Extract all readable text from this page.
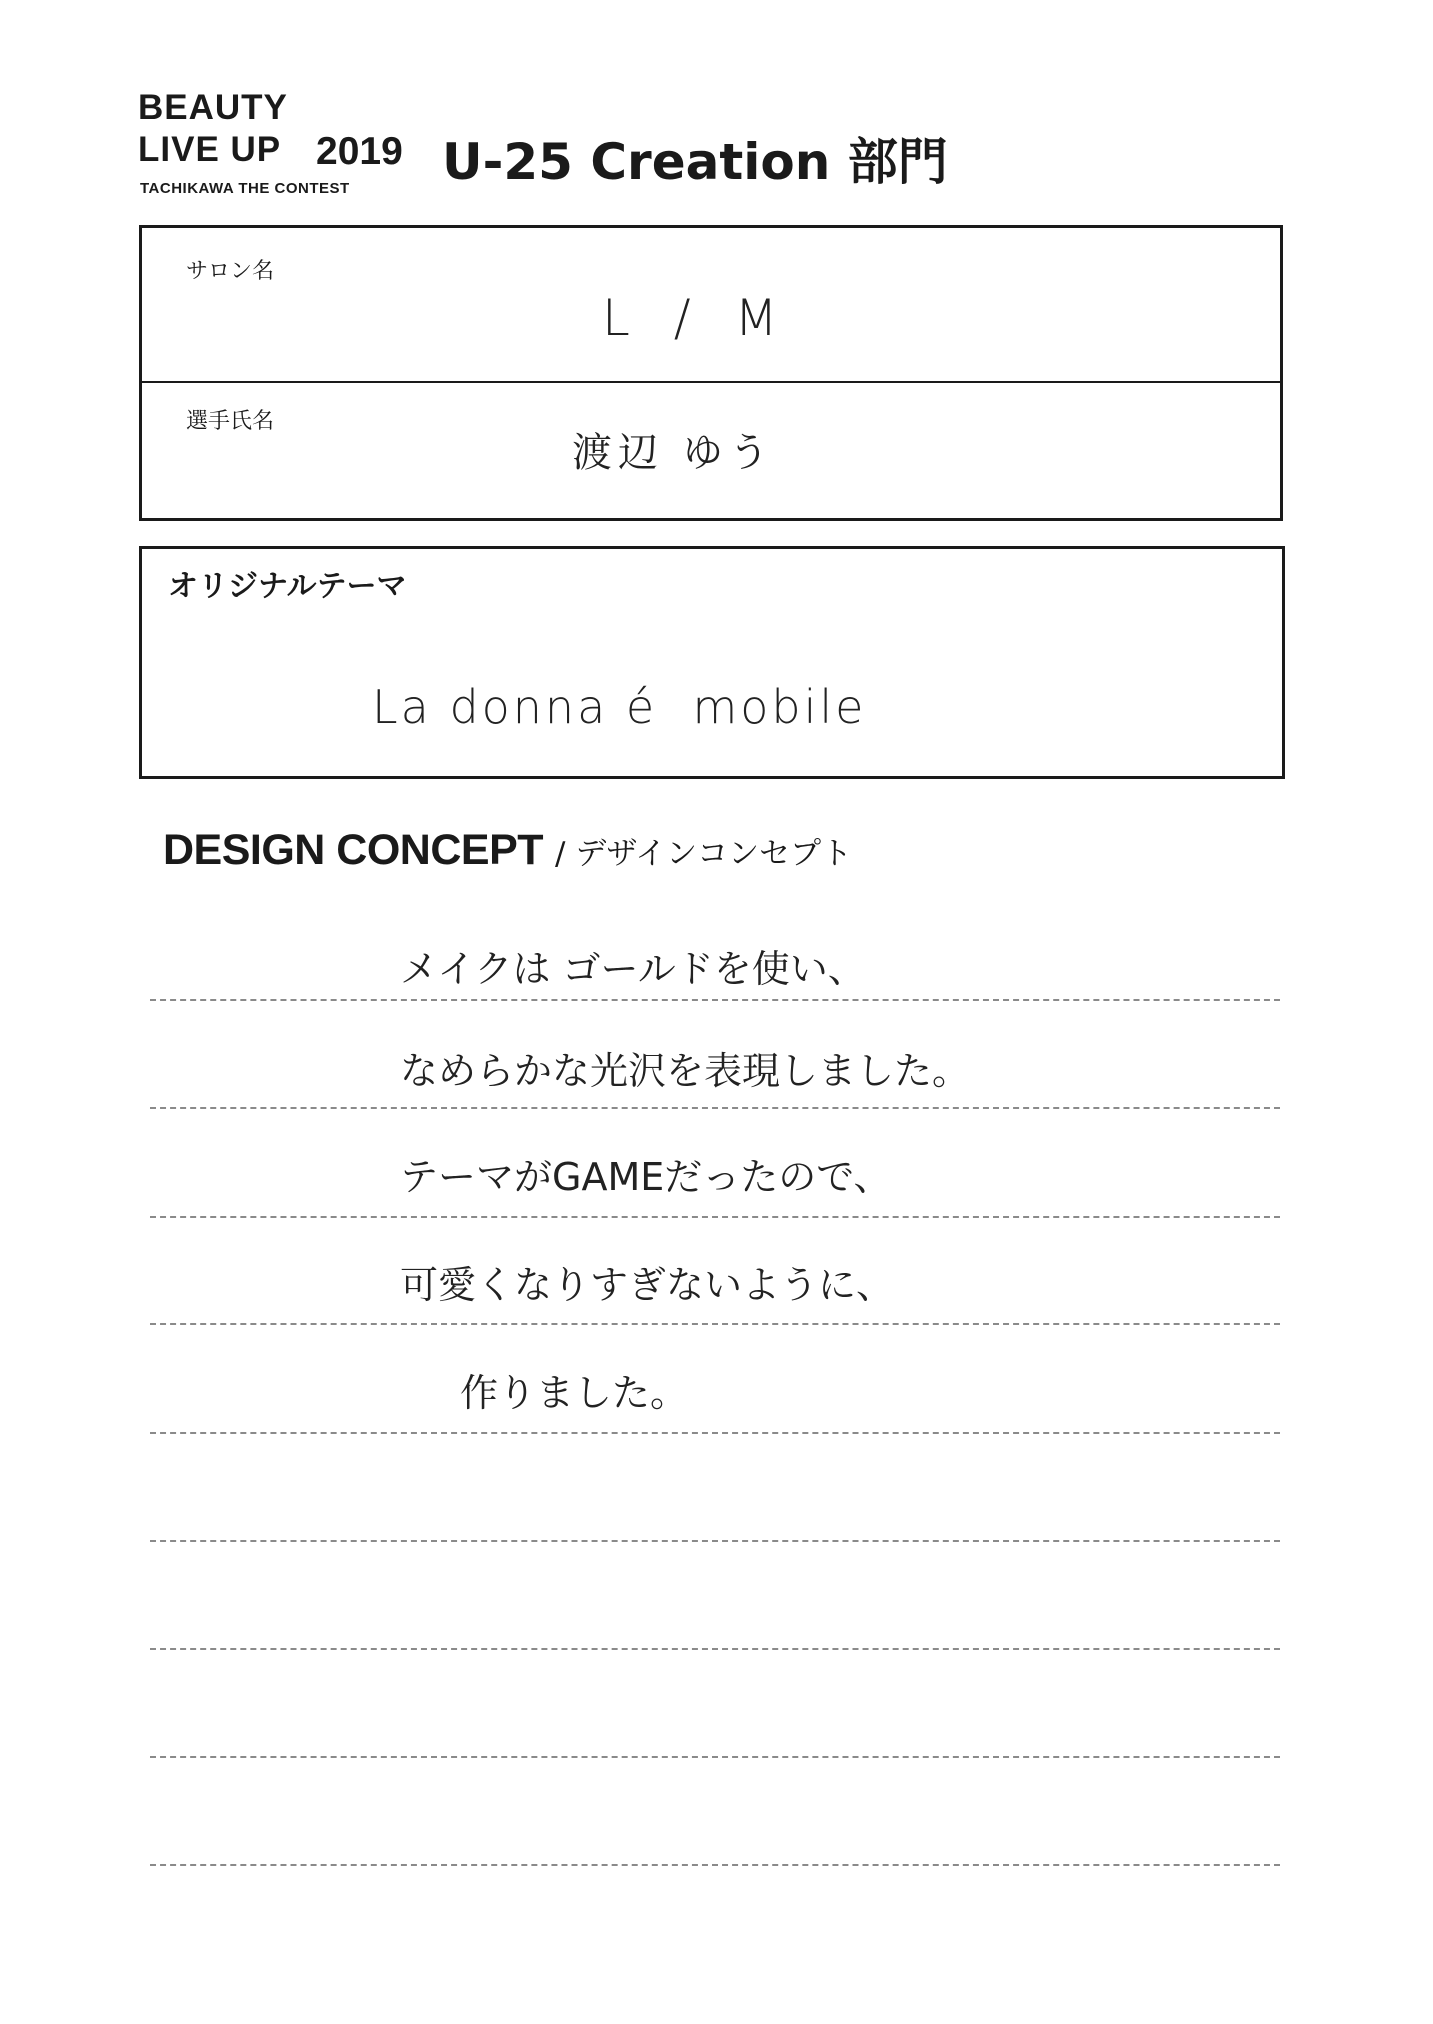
BEAUTY
LIVE UP 2019
TACHIKAWA THE CONTEST U-25 Creation 部門
サロン名
L / M
選手氏名
渡辺 ゆう
オリジナルテーマ
La donna é  mobile
DESIGN CONCEPT / デザインコンセプト
メイクは ゴールドを使い、
なめらかな光沢を表現しました。
テーマがGAMEだったので、
可愛くなりすぎないように、
作りました。
